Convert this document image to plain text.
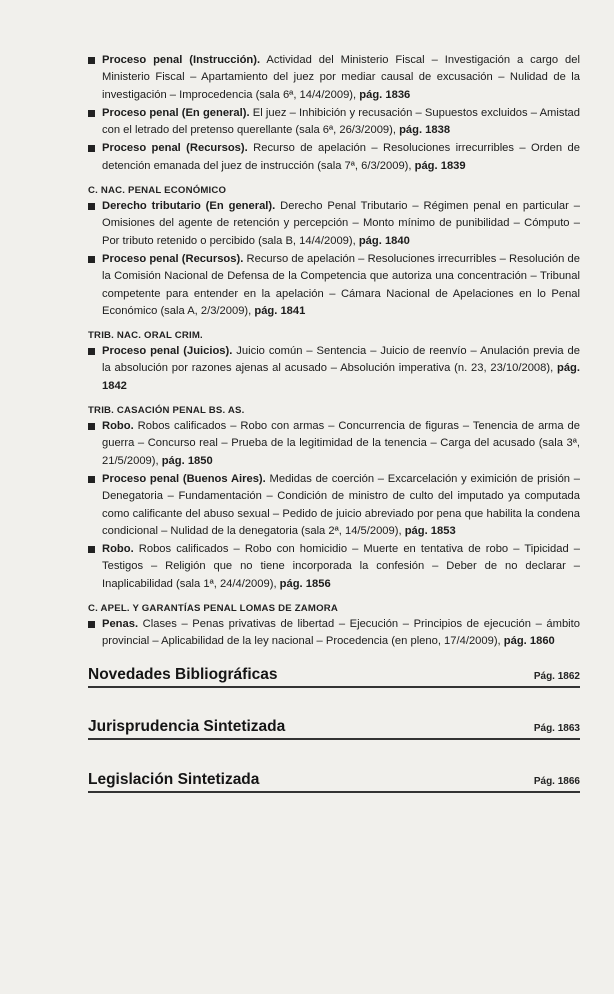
Proceso penal (Instrucción). Actividad del Ministerio Fiscal – Investigación a cargo del Ministerio Fiscal – Apartamiento del juez por mediar causal de excusación – Nulidad de la investigación – Improcedencia (sala 6ª, 14/4/2009), pág. 1836
Proceso penal (En general). El juez – Inhibición y recusación – Supuestos excluidos – Amistad con el letrado del pretenso querellante (sala 6ª, 26/3/2009), pág. 1838
Proceso penal (Recursos). Recurso de apelación – Resoluciones irrecurribles – Orden de detención emanada del juez de instrucción (sala 7ª, 6/3/2009), pág. 1839
C. NAC. PENAL ECONÓMICO
Derecho tributario (En general). Derecho Penal Tributario – Régimen penal en particular – Omisiones del agente de retención y percepción – Monto mínimo de punibilidad – Cómputo – Por tributo retenido o percibido (sala B, 14/4/2009), pág. 1840
Proceso penal (Recursos). Recurso de apelación – Resoluciones irrecurribles – Resolución de la Comisión Nacional de Defensa de la Competencia que autoriza una concentración – Tribunal competente para entender en la apelación – Cámara Nacional de Apelaciones en lo Penal Económico (sala A, 2/3/2009), pág. 1841
TRIB. NAC. ORAL CRIM.
Proceso penal (Juicios). Juicio común – Sentencia – Juicio de reenvío – Anulación previa de la absolución por razones ajenas al acusado – Absolución imperativa (n. 23, 23/10/2008), pág. 1842
TRIB. CASACIÓN PENAL BS. AS.
Robo. Robos calificados – Robo con armas – Concurrencia de figuras – Tenencia de arma de guerra – Concurso real – Prueba de la legitimidad de la tenencia – Carga del acusado (sala 3ª, 21/5/2009), pág. 1850
Proceso penal (Buenos Aires). Medidas de coerción – Excarcelación y eximición de prisión – Denegatoria – Fundamentación – Condición de ministro de culto del imputado ya computada como calificante del abuso sexual – Pedido de juicio abreviado por pena que habilita la condena condicional – Nulidad de la denegatoria (sala 2ª, 14/5/2009), pág. 1853
Robo. Robos calificados – Robo con homicidio – Muerte en tentativa de robo – Tipicidad – Testigos – Religión que no tiene incorporada la confesión – Deber de no declarar – Inaplicabilidad (sala 1ª, 24/4/2009), pág. 1856
C. APEL. Y GARANTÍAS PENAL LOMAS DE ZAMORA
Penas. Clases – Penas privativas de libertad – Ejecución – Principios de ejecución – ámbito provincial – Aplicabilidad de la ley nacional – Procedencia (en pleno, 17/4/2009), pág. 1860
Novedades Bibliográficas	Pág. 1862
Jurisprudencia Sintetizada	Pág. 1863
Legislación Sintetizada	Pág. 1866
